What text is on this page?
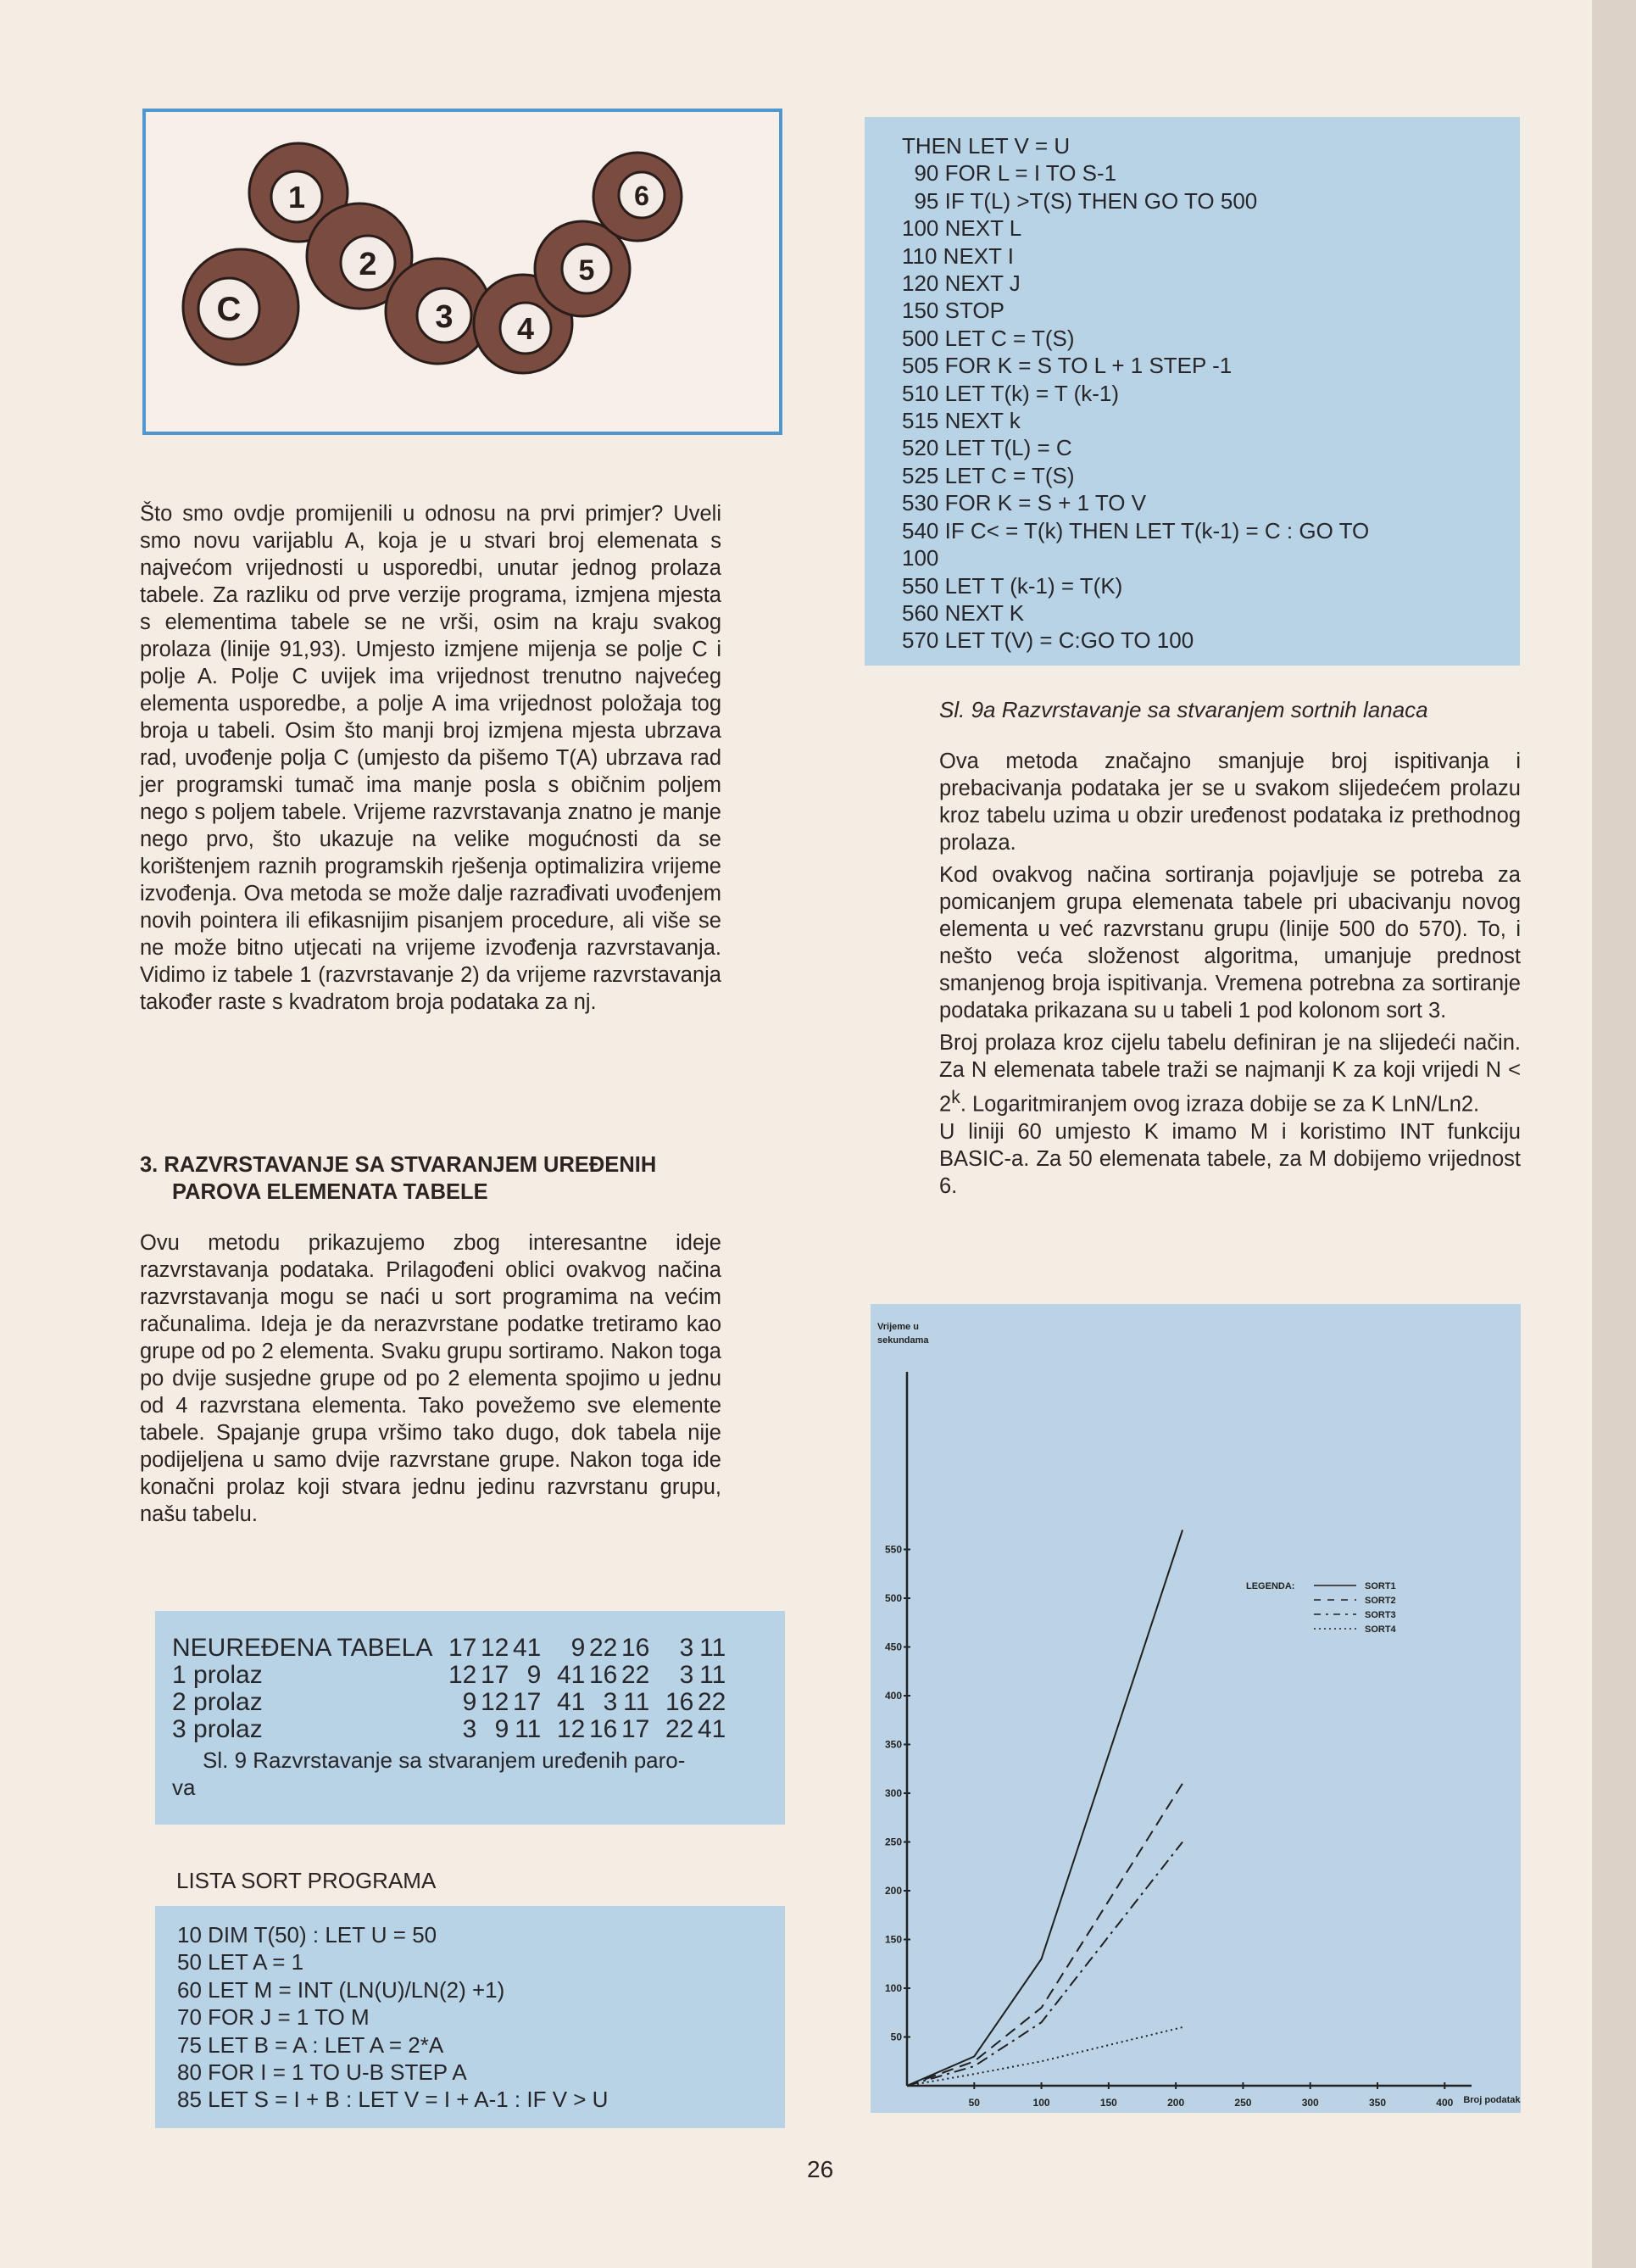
C
1
2
3 4
5
6
Što smo ovdje promijenili u odnosu na prvi primjer? Uveli smo novu varijablu A, koja je u stvari broj elemenata s najvećom vrijednosti u usporedbi, unutar jednog prolaza tabele. Za razliku od prve verzije programa, izmjena mjesta s elementima tabele se ne vrši, osim na kraju svakog prolaza (linije 91,93). Umjesto izmjene mijenja se polje C i polje A. Polje C uvijek ima vrijednost trenutno najvećeg elementa usporedbe, a polje A ima vrijednost položaja tog broja u tabeli. Osim što manji broj izmjena mjesta ubrzava rad, uvođenje polja C (umjesto da pišemo T(A) ubrzava rad jer programski tumač ima manje posla s običnim poljem nego s poljem tabele. Vrijeme razvrstavanja znatno je manje nego prvo, što ukazuje na velike mogućnosti da se korištenjem raznih programskih rješenja optimalizira vrijeme izvođenja. Ova metoda se može dalje razrađivati uvođenjem novih pointera ili efikasnijim pisanjem procedure, ali više se ne može bitno utjecati na vrijeme izvođenja razvrstavanja. Vidimo iz tabele 1 (razvrstavanje 2) da vrijeme razvrstavanja također raste s kvadratom broja podataka za nj.
3. RAZVRSTAVANJE SA STVARANJEM UREĐENIH
PAROVA ELEMENATA TABELE
Ovu metodu prikazujemo zbog interesantne ideje razvrstavanja podataka. Prilagođeni oblici ovakvog načina razvrstavanja mogu se naći u sort programima na većim računalima. Ideja je da nerazvrstane podatke tretiramo kao grupe od po 2 elementa. Svaku grupu sortiramo. Nakon toga po dvije susjedne grupe od po 2 elementa spojimo u jednu od 4 razvrstana elementa. Tako povežemo sve elemente tabele. Spajanje grupa vršimo tako dugo, dok tabela nije podijeljena u samo dvije razvrstane grupe. Nakon toga ide konačni prolaz koji stvara jednu jedinu razvrstanu grupu, našu tabelu.
NEUREĐENA TABELA	17	12	41	9	22	16	3	11
1 prolaz	12	17	9	41	16	22	3	11
2 prolaz	9	12	17	41	3	11	16	22
3 prolaz	3	9	11	12	16	17	22	41
Sl. 9 Razvrstavanje sa stvaranjem uređenih paro-
va
LISTA SORT PROGRAMA
10 DIM T(50) : LET U = 50
50 LET A = 1
60 LET M = INT (LN(U)/LN(2) +1)
70 FOR J = 1 TO M
75 LET B = A : LET A = 2*A
80 FOR I = 1 TO U-B STEP A
85 LET S = I + B : LET V = I + A-1 : IF V > U
THEN LET V = U
90 FOR L = I TO S-1
95 IF T(L) >T(S) THEN GO TO 500
100 NEXT L
110 NEXT I
120 NEXT J
150 STOP
500 LET C = T(S)
505 FOR K = S TO L + 1 STEP -1
510 LET T(k) = T (k-1)
515 NEXT k
520 LET T(L) = C
525 LET C = T(S)
530 FOR K = S + 1 TO V
540 IF C< = T(k) THEN LET T(k-1) = C : GO TO
100
550 LET T (k-1) = T(K)
560 NEXT K
570 LET T(V) = C:GO TO 100
Sl. 9a Razvrstavanje sa stvaranjem sortnih lanaca

Ova metoda značajno smanjuje broj ispitivanja i prebacivanja podataka jer se u svakom slijedećem prolazu kroz tabelu uzima u obzir uređenost podataka iz prethodnog prolaza.

Kod ovakvog načina sortiranja pojavljuje se potreba za pomicanjem grupa elemenata tabele pri ubacivanju novog elementa u već razvrstanu grupu (linije 500 do 570). To, i nešto veća složenost algoritma, umanjuje prednost smanjenog broja ispitivanja. Vremena potrebna za sortiranje podataka prikazana su u tabeli 1 pod kolonom sort 3.

Broj prolaza kroz cijelu tabelu definiran je na slijedeći način. Za N elemenata tabele traži se najmanji K za koji vrijedi $N < 2^k$. Logaritmiranjem ovog izraza dobije se za K LnN/Ln2.

U liniji 60 umjesto K imamo M i koristimo INT funkciju BASIC-a. Za 50 elemenata tabele, za M dobijemo vrijednost 6.

Vrijeme u sekundama
Broj podataka
50	100	150	200	250	300	350	400
50
100
150
200
250
300
350
400
450
500
550
LEGENDA:	SORT1
SORT2
SORT3
SORT4
26
